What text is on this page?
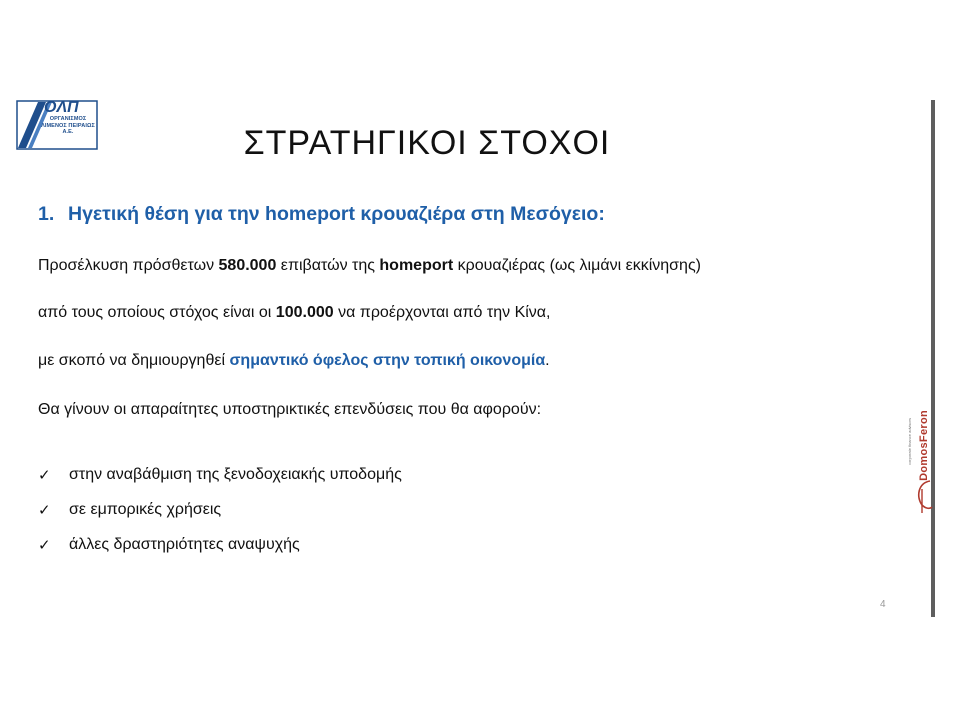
ΟΛΠ
ΟΡΓΑΝΙΣΜΟΣ ΛΙΜΕΝΟΣ ΠΕΙΡΑΙΩΣ Α.Ε.	ΣΤΡΑΤΗΓΙΚΟΙ ΣΤΟΧΟΙ
1. Ηγετική θέση για την homeport κρουαζιέρα στη Μεσόγειο:
Προσέλκυση πρόσθετων 580.000 επιβατών της homeport κρουαζιέρας (ως λιμάνι εκκίνησης)
από τους οποίους στόχος είναι οι 100.000 να προέρχονται από την Κίνα,
με σκοπό να δημιουργηθεί σημαντικό όφελος στην τοπική οικονομία.
Θα γίνουν οι απαραίτητες υποστηρικτικές επενδύσεις που θα αφορούν:
✓	στην αναβάθμιση της ξενοδοχειακής υποδομής
✓	σε εμπορικές χρήσεις
✓	άλλες δραστηριότητες αναψυχής
4
DomosFeron
corporate finance advisors
